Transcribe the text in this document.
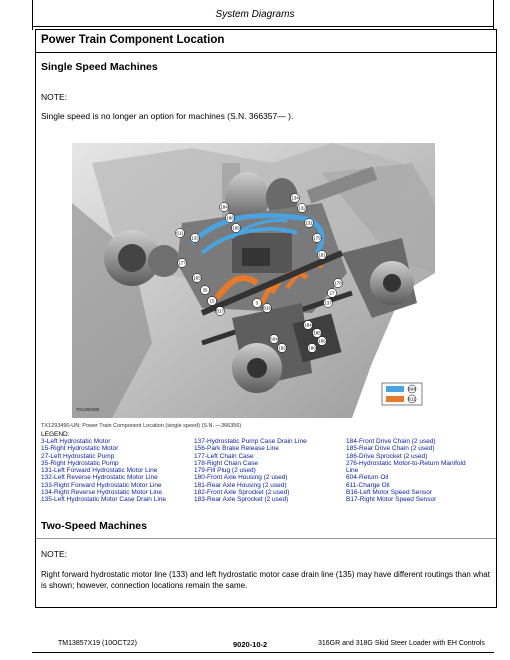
System Diagrams
Power Train Component Location
Single Speed Machines
NOTE:
Single speed is no longer an option for machines (S.N. 366357— ).
184
186
185
611
133
134
132
131
179
181
177
183
35
15
B17
3
B16
27
178
137
604
182	180
186
185
184
604
611
TX1293490
TX1293490-UN: Power Train Component Location (single speed) (S.N. —366356)
LEGEND:
3-Left Hydrostatic Motor
15-Right Hydrostatic Motor
27-Left Hydrostatic Pump
35-Right Hydrostatic Pump
131-Left Forward Hydrostatic Motor Line
132-Left Reverse Hydrostatic Motor Line
133-Right Forward Hydrostatic Motor Line
134-Right Reverse Hydrostatic Motor Line
135-Left Hydrostatic Motor Case Drain Line
137-Hydrostatic Pump Case Drain Line
156-Park Brake Release Line
177-Left Chain Case
178-Right Chain Case
179-Fill Plug (2 used)
180-Front Axle Housing (2 used)
181-Rear Axle Housing (2 used)
182-Front Axle Sprocket (2 used)
183-Rear Axle Sprocket (2 used)
184-Front Drive Chain (2 used)
185-Rear Drive Chain (2 used)
186-Drive Sprocket (2 used)
276-Hydrostatic Motor-to-Return Manifold
Line
604-Return Oil
611-Charge Oil
B16-Left Motor Speed Sensor
B17-Right Motor Speed Sensor
Two-Speed Machines
NOTE:
Right forward hydrostatic motor line (133) and left hydrostatic motor case drain line (135) may have different routings than what is shown; however, connection locations remain the same.
TM13857X19 (10OCT22)	9020-10-2	316GR and 318G Skid Steer Loader with EH Controls
